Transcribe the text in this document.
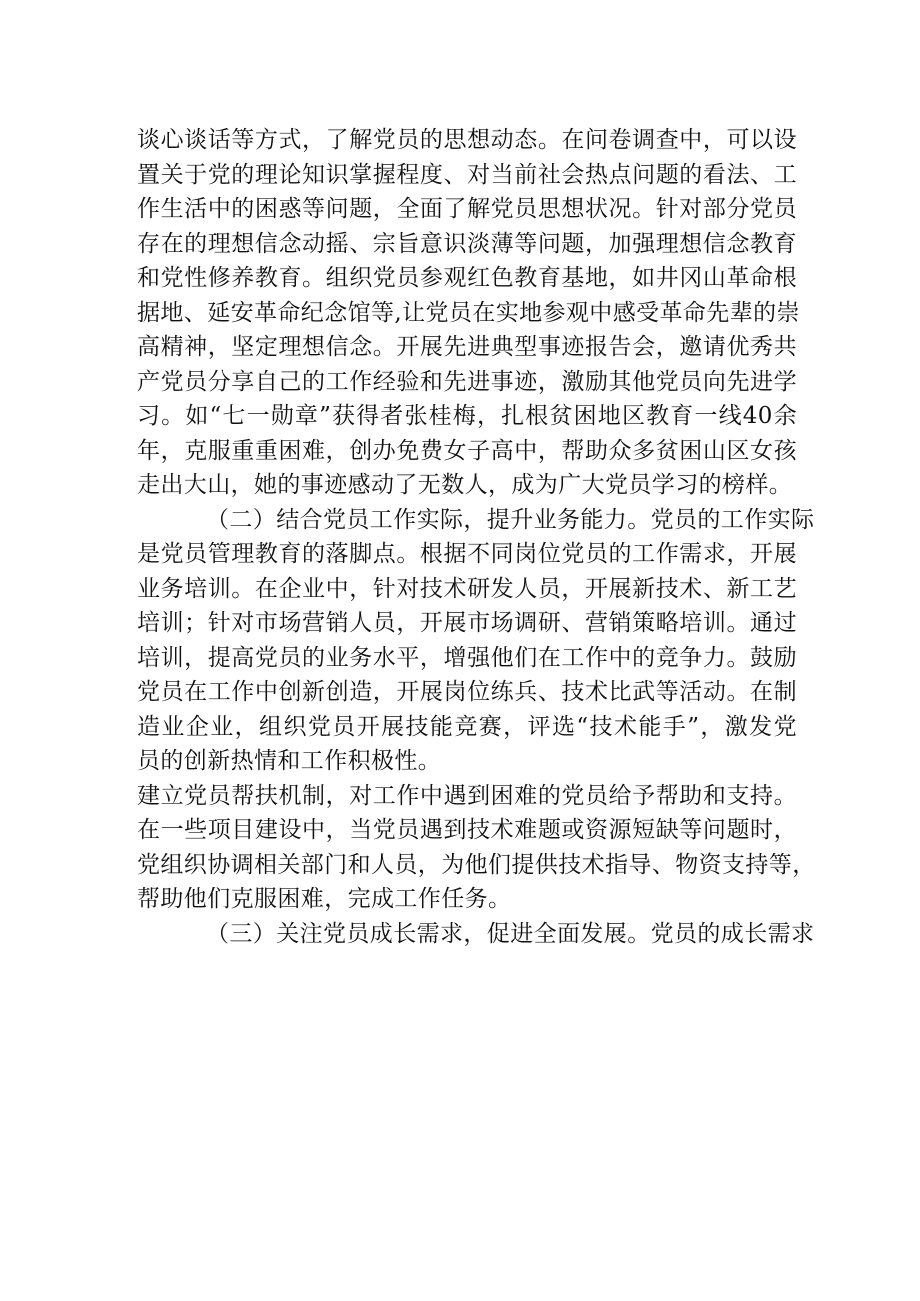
谈心谈话等方式，了解党员的思想动态。在问卷调查中，可以设
置关于党的理论知识掌握程度、对当前社会热点问题的看法、工
作生活中的困惑等问题，全面了解党员思想状况。针对部分党员
存在的理想信念动摇、宗旨意识淡薄等问题，加强理想信念教育
和党性修养教育。组织党员参观红色教育基地，如井冈山革命根
据地、延安革命纪念馆等,让党员在实地参观中感受革命先辈的崇
高精神，坚定理想信念。开展先进典型事迹报告会，邀请优秀共
产党员分享自己的工作经验和先进事迹，激励其他党员向先进学
习。如“七一勋章”获得者张桂梅，扎根贫困地区教育一线40余
年，克服重重困难，创办免费女子高中，帮助众多贫困山区女孩
走出大山，她的事迹感动了无数人，成为广大党员学习的榜样。
（二）结合党员工作实际，提升业务能力。党员的工作实际
是党员管理教育的落脚点。根据不同岗位党员的工作需求，开展
业务培训。在企业中，针对技术研发人员，开展新技术、新工艺
培训；针对市场营销人员，开展市场调研、营销策略培训。通过
培训，提高党员的业务水平，增强他们在工作中的竞争力。鼓励
党员在工作中创新创造，开展岗位练兵、技术比武等活动。在制
造业企业，组织党员开展技能竞赛，评选“技术能手”，激发党
员的创新热情和工作积极性。
建立党员帮扶机制，对工作中遇到困难的党员给予帮助和支持。
在一些项目建设中，当党员遇到技术难题或资源短缺等问题时，
党组织协调相关部门和人员，为他们提供技术指导、物资支持等，
帮助他们克服困难，完成工作任务。
（三）关注党员成长需求，促进全面发展。党员的成长需求
